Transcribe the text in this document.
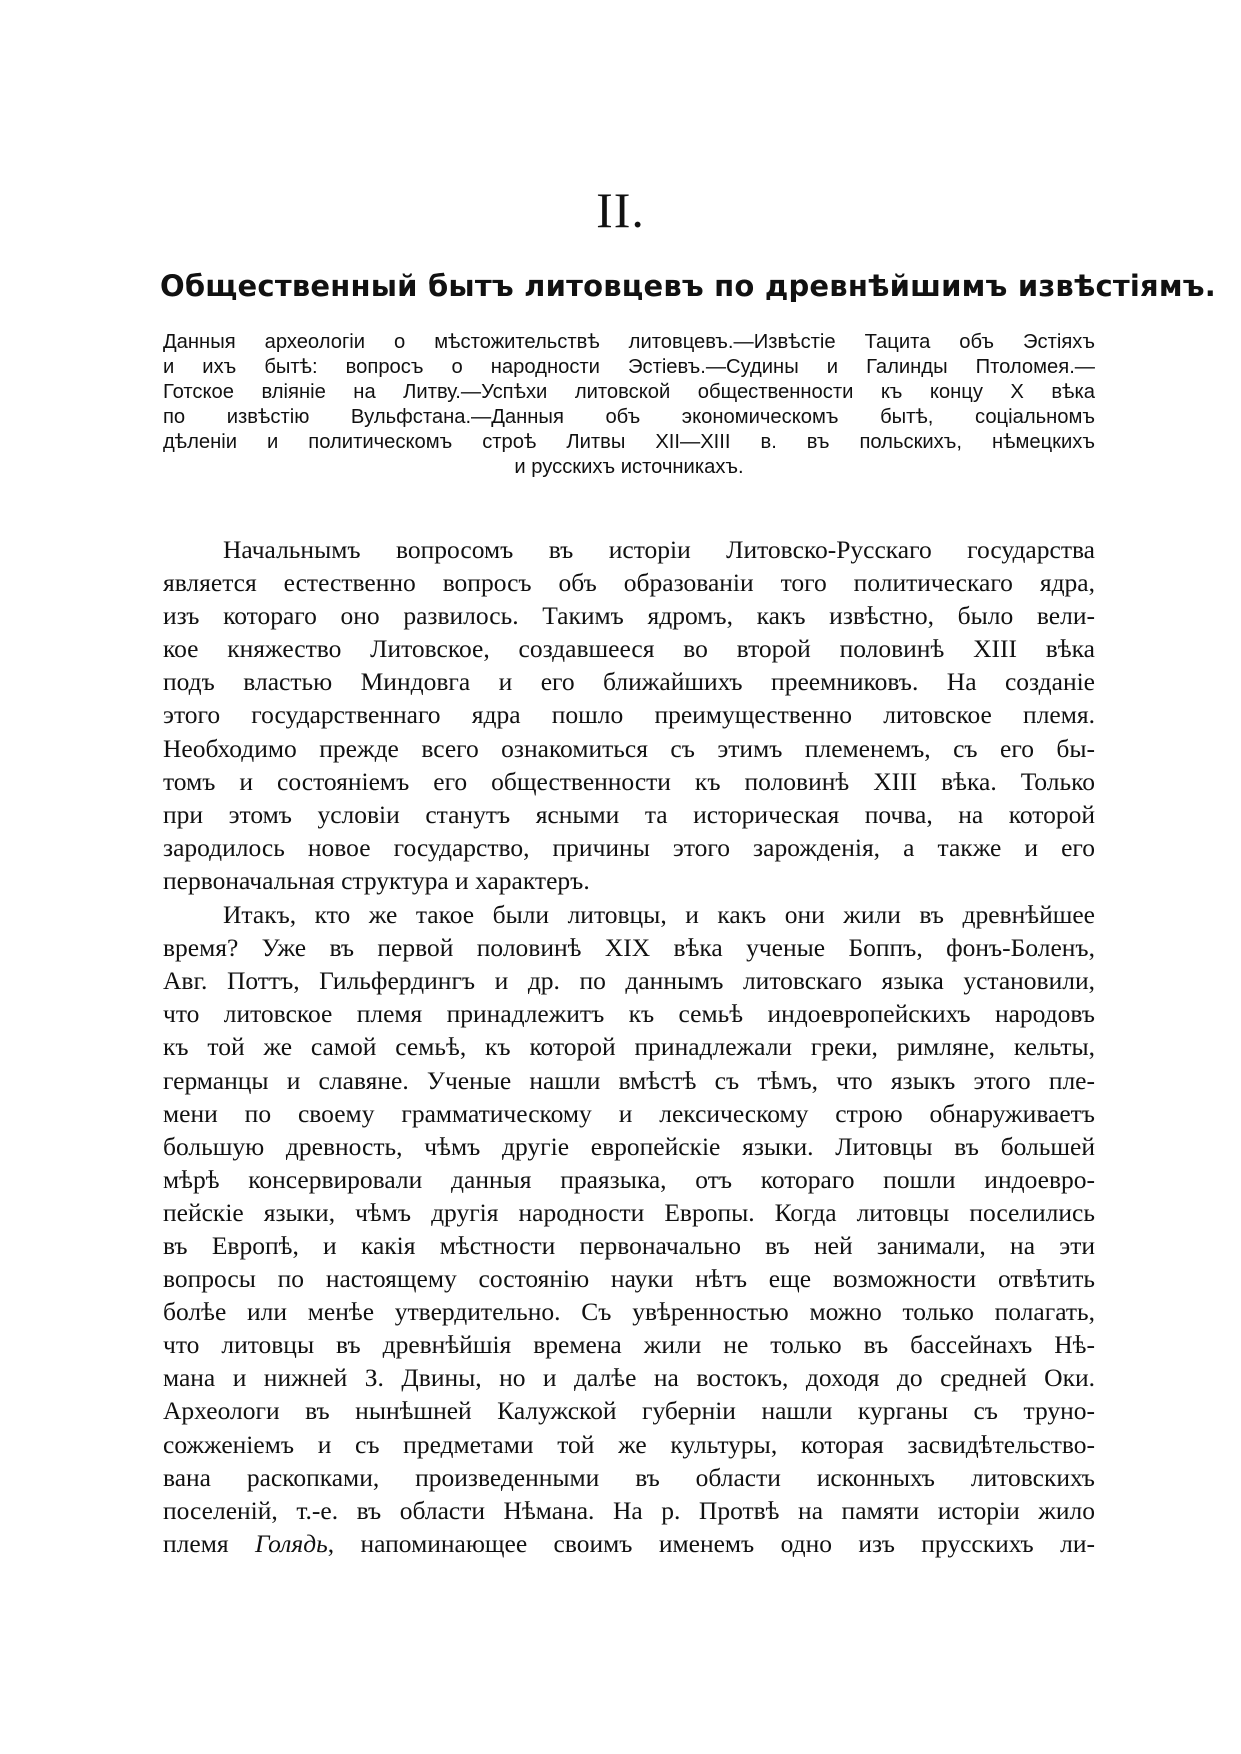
II.
Общественный бытъ литовцевъ по древнѣйшимъ извѣстіямъ.
Данныя археологіи о мѣстожительствѣ литовцевъ.—Извѣстіе Тацита объ Эстіяхъ
и ихъ бытѣ: вопросъ о народности Эстіевъ.—Судины и Галинды Птоломея.—
Готское вліяніе на Литву.—Успѣхи литовской общественности къ концу X вѣка
по извѣстію Вульфстана.—Данныя объ экономическомъ бытѣ, соціальномъ
дѣленіи и политическомъ строѣ Литвы XII—XIII в. въ польскихъ, нѣмецкихъ
и русскихъ источникахъ.
Начальнымъ вопросомъ въ исторіи Литовско-Русскаго государства
является естественно вопросъ объ образованіи того политическаго ядра,
изъ котораго оно развилось. Такимъ ядромъ, какъ извѣстно, было вели-
кое княжество Литовское, создавшееся во второй половинѣ XIII вѣка
подъ властью Миндовга и его ближайшихъ преемниковъ. На созданіе
этого государственнаго ядра пошло преимущественно литовское племя.
Необходимо прежде всего ознакомиться съ этимъ племенемъ, съ его бы-
томъ и состояніемъ его общественности къ половинѣ XIII вѣка. Только
при этомъ условіи станутъ ясными та историческая почва, на которой
зародилось новое государство, причины этого зарожденія, а также и его
первоначальная структура и характеръ.
Итакъ, кто же такое были литовцы, и какъ они жили въ древнѣйшее
время? Уже въ первой половинѣ XIX вѣка ученые Боппъ, фонъ-Боленъ,
Авг. Поттъ, Гильфердингъ и др. по даннымъ литовскаго языка установили,
что литовское племя принадлежитъ къ семьѣ индоевропейскихъ народовъ
къ той же самой семьѣ, къ которой принадлежали греки, римляне, кельты,
германцы и славяне. Ученые нашли вмѣстѣ съ тѣмъ, что языкъ этого пле-
мени по своему грамматическому и лексическому строю обнаруживаетъ
большую древность, чѣмъ другіе европейскіе языки. Литовцы въ большей
мѣрѣ консервировали данныя праязыка, отъ котораго пошли индоевро-
пейскіе языки, чѣмъ другія народности Европы. Когда литовцы поселились
въ Европѣ, и какія мѣстности первоначально въ ней занимали, на эти
вопросы по настоящему состоянію науки нѣтъ еще возможности отвѣтить
болѣе или менѣе утвердительно. Съ увѣренностью можно только полагать,
что литовцы въ древнѣйшія времена жили не только въ бассейнахъ Нѣ-
мана и нижней З. Двины, но и далѣе на востокъ, доходя до средней Оки.
Археологи въ нынѣшней Калужской губерніи нашли курганы съ труно-
сожженіемъ и съ предметами той же культуры, которая засвидѣтельство-
вана раскопками, произведенными въ области исконныхъ литовскихъ
поселеній, т.-е. въ области Нѣмана. На р. Протвѣ на памяти исторіи жило
племя Голядь, напоминающее своимъ именемъ одно изъ прусскихъ ли-
